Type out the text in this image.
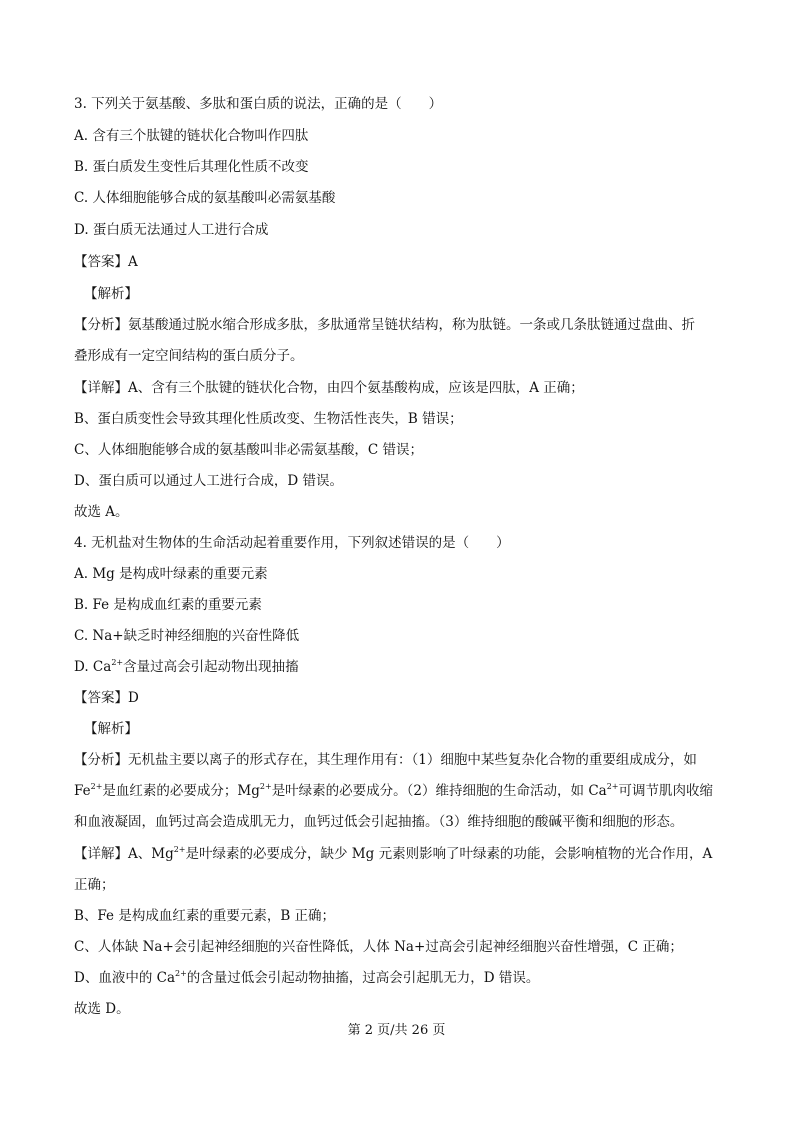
3. 下列关于氨基酸、多肽和蛋白质的说法，正确的是（　　）
A. 含有三个肽键的链状化合物叫作四肽
B. 蛋白质发生变性后其理化性质不改变
C. 人体细胞能够合成的氨基酸叫必需氨基酸
D. 蛋白质无法通过人工进行合成
【答案】A
【解析】
【分析】氨基酸通过脱水缩合形成多肽，多肽通常呈链状结构，称为肽链。一条或几条肽链通过盘曲、折
叠形成有一定空间结构的蛋白质分子。
【详解】A、含有三个肽键的链状化合物，由四个氨基酸构成，应该是四肽，A 正确；
B、蛋白质变性会导致其理化性质改变、生物活性丧失，B 错误；
C、人体细胞能够合成的氨基酸叫非必需氨基酸，C 错误；
D、蛋白质可以通过人工进行合成，D 错误。
故选 A。
4. 无机盐对生物体的生命活动起着重要作用，下列叙述错误的是（　　）
A. Mg 是构成叶绿素的重要元素
B. Fe 是构成血红素的重要元素
C. Na+缺乏时神经细胞的兴奋性降低
D. $Ca^{2+}$含量过高会引起动物出现抽搐
【答案】D
【解析】
【分析】无机盐主要以离子的形式存在，其生理作用有：（1）细胞中某些复杂化合物的重要组成成分，如
$Fe^{2+}$是血红素的必要成分；$Mg^{2+}$是叶绿素的必要成分。（2）维持细胞的生命活动，如 $Ca^{2+}$可调节肌肉收缩
和血液凝固，血钙过高会造成肌无力，血钙过低会引起抽搐。（3）维持细胞的酸碱平衡和细胞的形态。
【详解】A、$Mg^{2+}$是叶绿素的必要成分，缺少 Mg 元素则影响了叶绿素的功能，会影响植物的光合作用，A
正确；
B、Fe 是构成血红素的重要元素，B 正确；
C、人体缺 Na+会引起神经细胞的兴奋性降低，人体 Na+过高会引起神经细胞兴奋性增强，C 正确；
D、血液中的 $Ca^{2+}$的含量过低会引起动物抽搐，过高会引起肌无力，D 错误。
故选 D。
第 2 页/共 26 页
